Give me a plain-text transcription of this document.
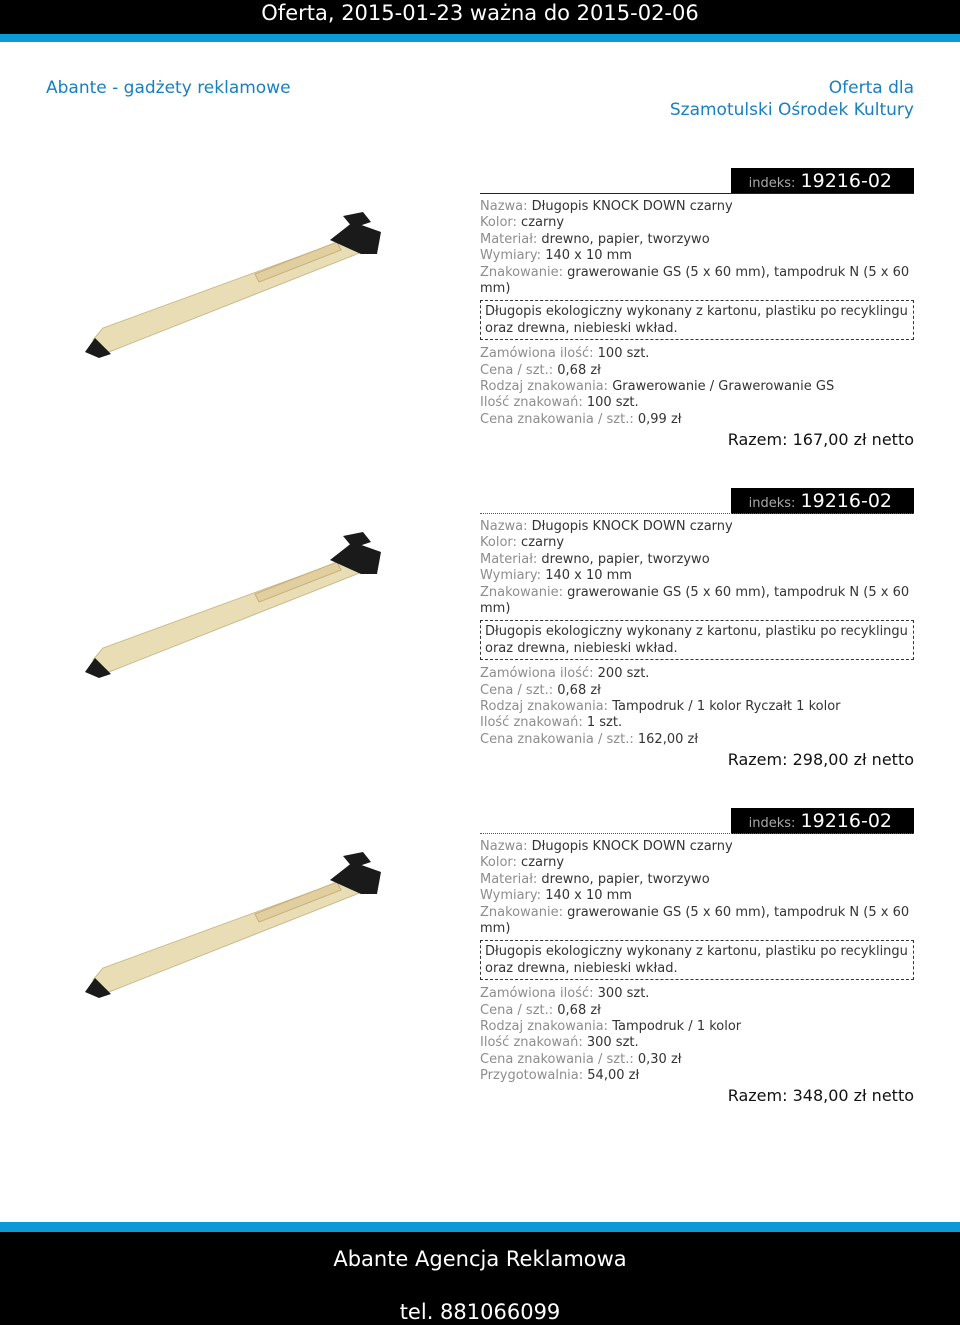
Oferta, 2015-01-23 ważna do 2015-02-06
Abante - gadżety reklamowe	Oferta dla
Szamotulski Ośrodek Kultury
indeks: 19216-02
Nazwa: Długopis KNOCK DOWN czarny
Kolor: czarny
Materiał: drewno, papier, tworzywo
Wymiary: 140 x 10 mm
Znakowanie: grawerowanie GS (5 x 60 mm), tampodruk N (5 x 60 mm)
Długopis ekologiczny wykonany z kartonu, plastiku po recyklingu oraz drewna, niebieski wkład.
Zamówiona ilość: 100 szt.
Cena / szt.: 0,68 zł
Rodzaj znakowania: Grawerowanie / Grawerowanie GS
Ilość znakowań: 100 szt.
Cena znakowania / szt.: 0,99 zł
Razem: 167,00 zł netto
indeks: 19216-02
Nazwa: Długopis KNOCK DOWN czarny
Kolor: czarny
Materiał: drewno, papier, tworzywo
Wymiary: 140 x 10 mm
Znakowanie: grawerowanie GS (5 x 60 mm), tampodruk N (5 x 60 mm)
Długopis ekologiczny wykonany z kartonu, plastiku po recyklingu oraz drewna, niebieski wkład.
Zamówiona ilość: 200 szt.
Cena / szt.: 0,68 zł
Rodzaj znakowania: Tampodruk / 1 kolor Ryczałt 1 kolor
Ilość znakowań: 1 szt.
Cena znakowania / szt.: 162,00 zł
Razem: 298,00 zł netto
indeks: 19216-02
Nazwa: Długopis KNOCK DOWN czarny
Kolor: czarny
Materiał: drewno, papier, tworzywo
Wymiary: 140 x 10 mm
Znakowanie: grawerowanie GS (5 x 60 mm), tampodruk N (5 x 60 mm)
Długopis ekologiczny wykonany z kartonu, plastiku po recyklingu oraz drewna, niebieski wkład.
Zamówiona ilość: 300 szt.
Cena / szt.: 0,68 zł
Rodzaj znakowania: Tampodruk / 1 kolor
Ilość znakowań: 300 szt.
Cena znakowania / szt.: 0,30 zł
Przygotowalnia: 54,00 zł
Razem: 348,00 zł netto
Abante Agencja Reklamowa
tel. 881066099
